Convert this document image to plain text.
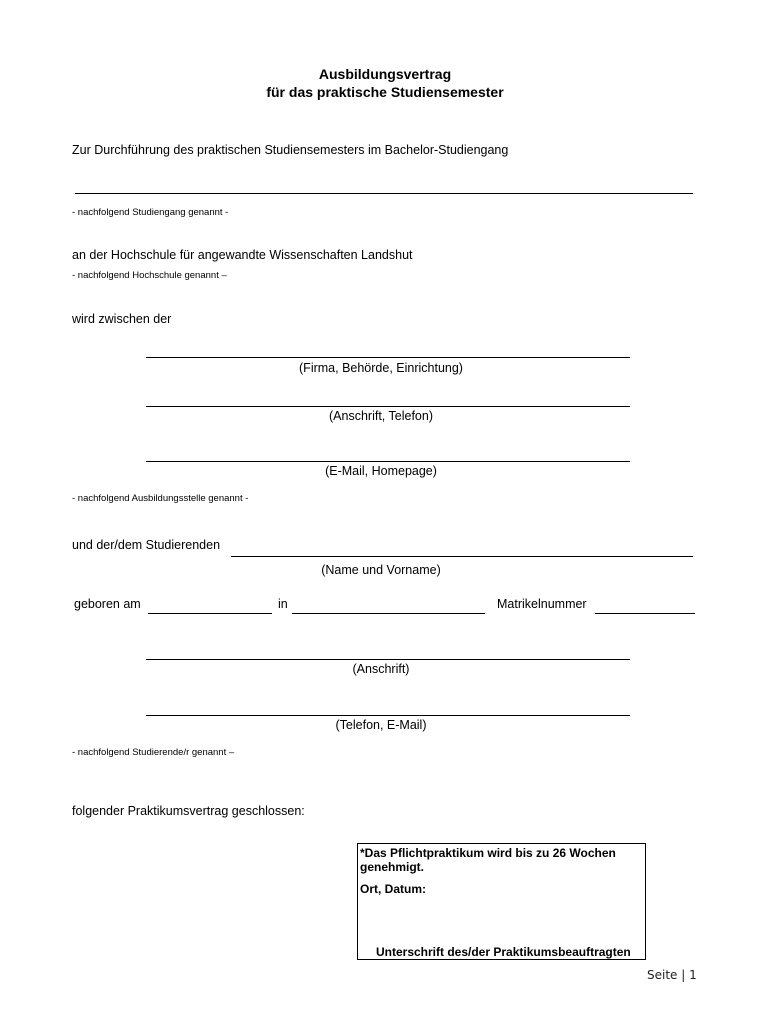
Ausbildungsvertrag
für das praktische Studiensemester
Zur Durchführung des praktischen Studiensemesters im Bachelor-Studiengang
- nachfolgend Studiengang genannt -
an der Hochschule für angewandte Wissenschaften Landshut
- nachfolgend Hochschule genannt –
wird zwischen der
(Firma, Behörde, Einrichtung)
(Anschrift, Telefon)
(E-Mail, Homepage)
- nachfolgend Ausbildungsstelle genannt -
und der/dem Studierenden
(Name und Vorname)
geboren am	in	Matrikelnummer
(Anschrift)
(Telefon, E-Mail)
- nachfolgend Studierende/r genannt –
folgender Praktikumsvertrag geschlossen:
*Das Pflichtpraktikum wird bis zu 26 Wochen
genehmigt.
Ort, Datum:
Unterschrift des/der Praktikumsbeauftragten
Seite | 1
